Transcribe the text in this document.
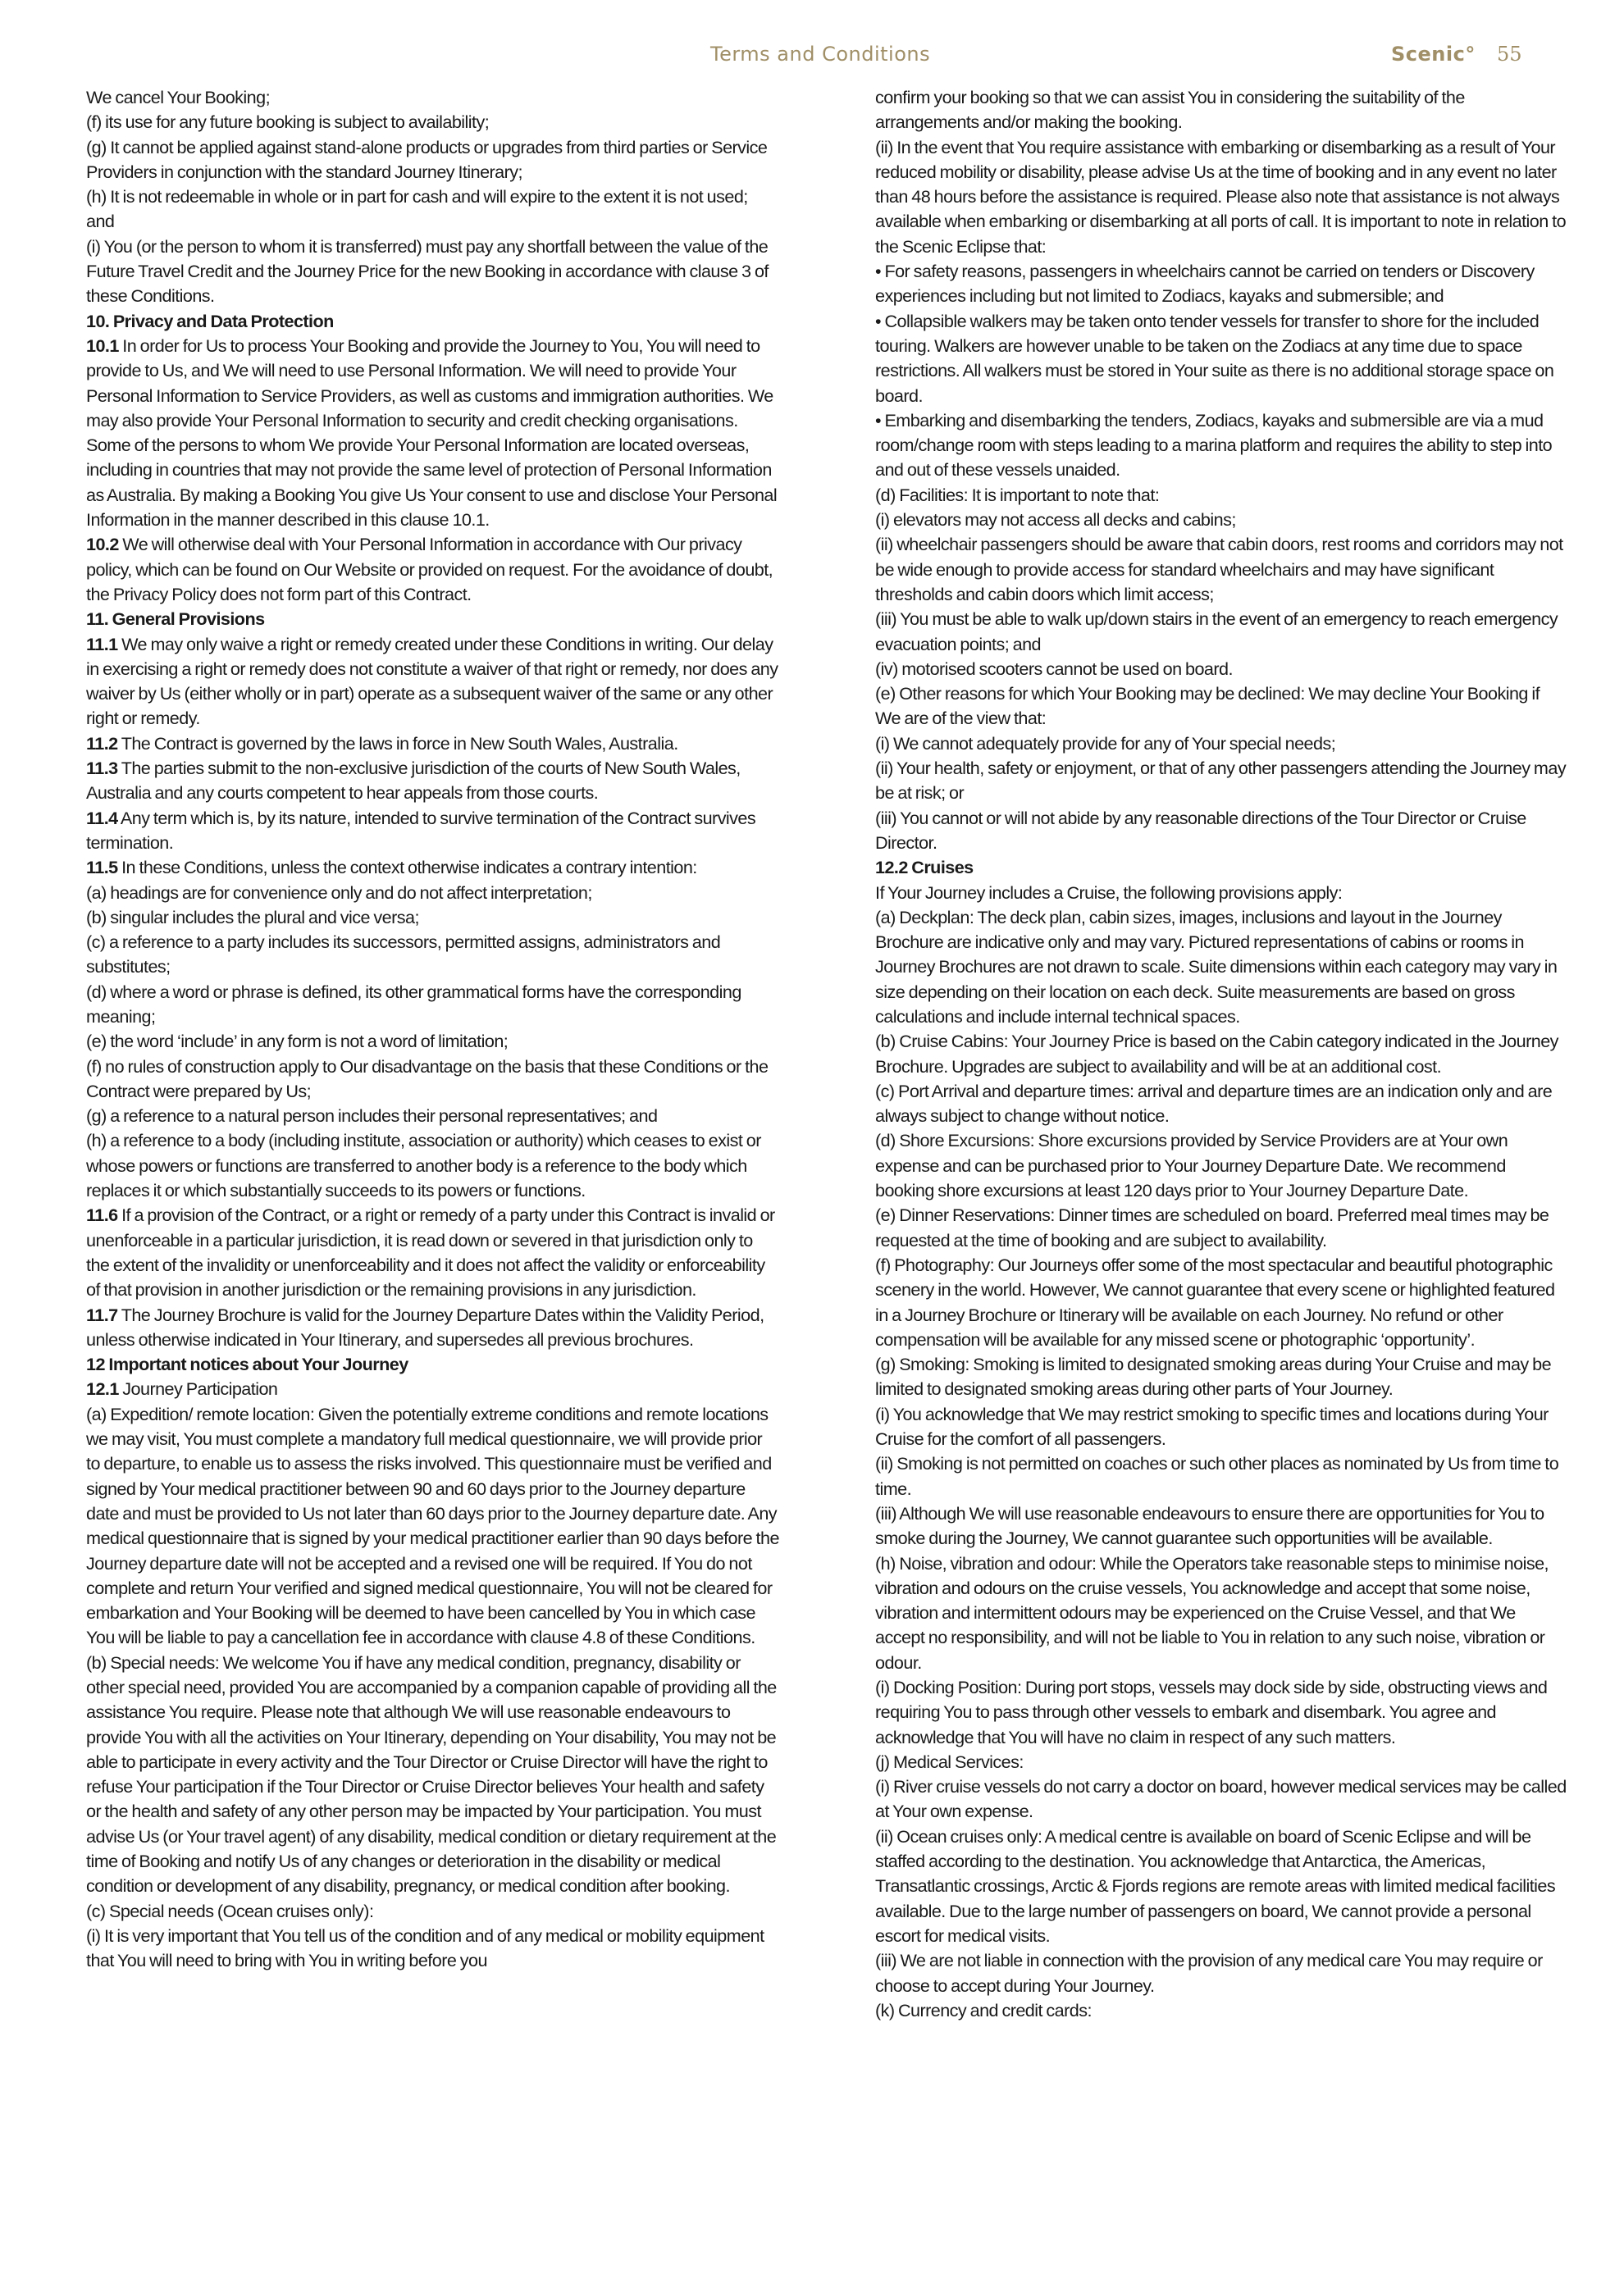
Terms and Conditions	Scenic° 55

We cancel Your Booking;

(f) its use for any future booking is subject to availability;

(g) It cannot be applied against stand-alone products or upgrades from third parties or Service Providers in conjunction with the standard Journey Itinerary;

(h) It is not redeemable in whole or in part for cash and will expire to the extent it is not used; and

(i) You (or the person to whom it is transferred) must pay any shortfall between the value of the Future Travel Credit and the Journey Price for the new Booking in accordance with clause 3 of these Conditions.

10. Privacy and Data Protection

10.1 In order for Us to process Your Booking and provide the Journey to You, You will need to provide to Us, and We will need to use Personal Information. We will need to provide Your Personal Information to Service Providers, as well as customs and immigration authorities. We may also provide Your Personal Information to security and credit checking organisations. Some of the persons to whom We provide Your Personal Information are located overseas, including in countries that may not provide the same level of protection of Personal Information as Australia. By making a Booking You give Us Your consent to use and disclose Your Personal Information in the manner described in this clause 10.1.

10.2 We will otherwise deal with Your Personal Information in accordance with Our privacy policy, which can be found on Our Website or provided on request. For the avoidance of doubt, the Privacy Policy does not form part of this Contract.

11. General Provisions

11.1 We may only waive a right or remedy created under these Conditions in writing. Our delay in exercising a right or remedy does not constitute a waiver of that right or remedy, nor does any waiver by Us (either wholly or in part) operate as a subsequent waiver of the same or any other right or remedy.

11.2 The Contract is governed by the laws in force in New South Wales, Australia.

11.3 The parties submit to the non-exclusive jurisdiction of the courts of New South Wales, Australia and any courts competent to hear appeals from those courts.

11.4 Any term which is, by its nature, intended to survive termination of the Contract survives termination.

11.5 In these Conditions, unless the context otherwise indicates a contrary intention:

(a) headings are for convenience only and do not affect interpretation;

(b) singular includes the plural and vice versa;

(c) a reference to a party includes its successors, permitted assigns, administrators and substitutes;

(d) where a word or phrase is defined, its other grammatical forms have the corresponding meaning;

(e) the word ‘include’ in any form is not a word of limitation;

(f) no rules of construction apply to Our disadvantage on the basis that these Conditions or the Contract were prepared by Us;

(g) a reference to a natural person includes their personal representatives; and

(h) a reference to a body (including institute, association or authority) which ceases to exist or whose powers or functions are transferred to another body is a reference to the body which replaces it or which substantially succeeds to its powers or functions.

11.6 If a provision of the Contract, or a right or remedy of a party under this Contract is invalid or unenforceable in a particular jurisdiction, it is read down or severed in that jurisdiction only to the extent of the invalidity or unenforceability and it does not affect the validity or enforceability of that provision in another jurisdiction or the remaining provisions in any jurisdiction.

11.7 The Journey Brochure is valid for the Journey Departure Dates within the Validity Period, unless otherwise indicated in Your Itinerary, and supersedes all previous brochures.

12 Important notices about Your Journey

12.1 Journey Participation

(a) Expedition/ remote location: Given the potentially extreme conditions and remote locations we may visit, You must complete a mandatory full medical questionnaire, we will provide prior to departure, to enable us to assess the risks involved. This questionnaire must be verified and signed by Your medical practitioner between 90 and 60 days prior to the Journey departure date and must be provided to Us not later than 60 days prior to the Journey departure date. Any medical questionnaire that is signed by your medical practitioner earlier than 90 days before the Journey departure date will not be accepted and a revised one will be required. If You do not complete and return Your verified and signed medical questionnaire, You will not be cleared for embarkation and Your Booking will be deemed to have been cancelled by You in which case You will be liable to pay a cancellation fee in accordance with clause 4.8 of these Conditions.

(b) Special needs: We welcome You if have any medical condition, pregnancy, disability or other special need, provided You are accompanied by a companion capable of providing all the assistance You require. Please note that although We will use reasonable endeavours to provide You with all the activities on Your Itinerary, depending on Your disability, You may not be able to participate in every activity and the Tour Director or Cruise Director will have the right to refuse Your participation if the Tour Director or Cruise Director believes Your health and safety or the health and safety of any other person may be impacted by Your participation. You must advise Us (or Your travel agent) of any disability, medical condition or dietary requirement at the time of Booking and notify Us of any changes or deterioration in the disability or medical condition or development of any disability, pregnancy, or medical condition after booking.

(c) Special needs (Ocean cruises only):

(i) It is very important that You tell us of the condition and of any medical or mobility equipment that You will need to bring with You in writing before you

confirm your booking so that we can assist You in considering the suitability of the arrangements and/or making the booking.

(ii) In the event that You require assistance with embarking or disembarking as a result of Your reduced mobility or disability, please advise Us at the time of booking and in any event no later than 48 hours before the assistance is required. Please also note that assistance is not always available when embarking or disembarking at all ports of call. It is important to note in relation to the Scenic Eclipse that:

• For safety reasons, passengers in wheelchairs cannot be carried on tenders or Discovery experiences including but not limited to Zodiacs, kayaks and submersible; and

• Collapsible walkers may be taken onto tender vessels for transfer to shore for the included touring. Walkers are however unable to be taken on the Zodiacs at any time due to space restrictions. All walkers must be stored in Your suite as there is no additional storage space on board.

• Embarking and disembarking the tenders, Zodiacs, kayaks and submersible are via a mud room/change room with steps leading to a marina platform and requires the ability to step into and out of these vessels unaided.

(d) Facilities: It is important to note that:

(i) elevators may not access all decks and cabins;

(ii) wheelchair passengers should be aware that cabin doors, rest rooms and corridors may not be wide enough to provide access for standard wheelchairs and may have significant thresholds and cabin doors which limit access;

(iii) You must be able to walk up/down stairs in the event of an emergency to reach emergency evacuation points; and

(iv) motorised scooters cannot be used on board.

(e) Other reasons for which Your Booking may be declined: We may decline Your Booking if We are of the view that:

(i) We cannot adequately provide for any of Your special needs;

(ii) Your health, safety or enjoyment, or that of any other passengers attending the Journey may be at risk; or

(iii) You cannot or will not abide by any reasonable directions of the Tour Director or Cruise Director.

12.2 Cruises

If Your Journey includes a Cruise, the following provisions apply:

(a) Deckplan: The deck plan, cabin sizes, images, inclusions and layout in the Journey Brochure are indicative only and may vary. Pictured representations of cabins or rooms in Journey Brochures are not drawn to scale. Suite dimensions within each category may vary in size depending on their location on each deck. Suite measurements are based on gross calculations and include internal technical spaces.

(b) Cruise Cabins: Your Journey Price is based on the Cabin category indicated in the Journey Brochure. Upgrades are subject to availability and will be at an additional cost.

(c) Port Arrival and departure times: arrival and departure times are an indication only and are always subject to change without notice.

(d) Shore Excursions: Shore excursions provided by Service Providers are at Your own expense and can be purchased prior to Your Journey Departure Date. We recommend booking shore excursions at least 120 days prior to Your Journey Departure Date.

(e) Dinner Reservations: Dinner times are scheduled on board. Preferred meal times may be requested at the time of booking and are subject to availability.

(f) Photography: Our Journeys offer some of the most spectacular and beautiful photographic scenery in the world. However, We cannot guarantee that every scene or highlighted featured in a Journey Brochure or Itinerary will be available on each Journey. No refund or other compensation will be available for any missed scene or photographic ‘opportunity’.

(g) Smoking: Smoking is limited to designated smoking areas during Your Cruise and may be limited to designated smoking areas during other parts of Your Journey.

(i) You acknowledge that We may restrict smoking to specific times and locations during Your Cruise for the comfort of all passengers.

(ii) Smoking is not permitted on coaches or such other places as nominated by Us from time to time.

(iii) Although We will use reasonable endeavours to ensure there are opportunities for You to smoke during the Journey, We cannot guarantee such opportunities will be available.

(h) Noise, vibration and odour: While the Operators take reasonable steps to minimise noise, vibration and odours on the cruise vessels, You acknowledge and accept that some noise, vibration and intermittent odours may be experienced on the Cruise Vessel, and that We accept no responsibility, and will not be liable to You in relation to any such noise, vibration or odour.

(i) Docking Position: During port stops, vessels may dock side by side, obstructing views and requiring You to pass through other vessels to embark and disembark. You agree and acknowledge that You will have no claim in respect of any such matters.

(j) Medical Services:

(i) River cruise vessels do not carry a doctor on board, however medical services may be called at Your own expense.

(ii) Ocean cruises only: A medical centre is available on board of Scenic Eclipse and will be staffed according to the destination. You acknowledge that Antarctica, the Americas, Transatlantic crossings, Arctic & Fjords regions are remote areas with limited medical facilities available. Due to the large number of passengers on board, We cannot provide a personal escort for medical visits.

(iii) We are not liable in connection with the provision of any medical care You may require or choose to accept during Your Journey.

(k) Currency and credit cards:
